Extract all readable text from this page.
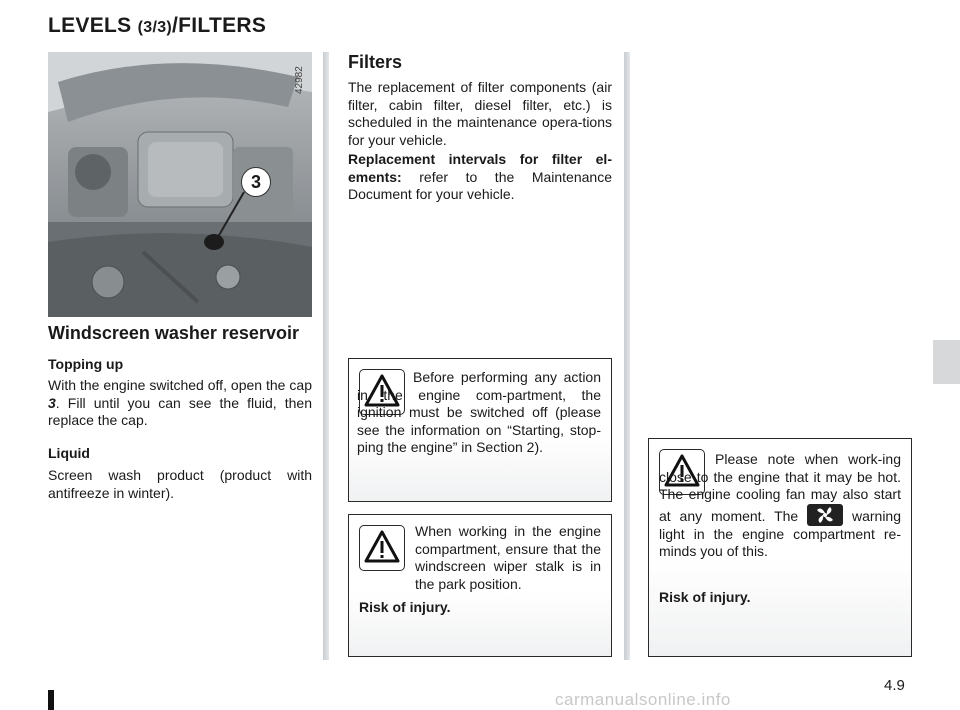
LEVELS (3/3)/FILTERS
42982
3
Windscreen washer reservoir
Topping up

With the engine switched off, open the cap 3. Fill until you can see the fluid, then replace the cap.

Liquid

Screen wash product (product with antifreeze in winter).

Filters

The replacement of filter components (air filter, cabin filter, diesel filter, etc.) is scheduled in the maintenance opera-tions for your vehicle.

Replacement intervals for filter el-ements: refer to the Maintenance Document for your vehicle.

Before performing any action in the engine com-partment, the ignition must be switched off (please see the information on “Starting, stop-ping the engine” in Section 2).

When working in the engine compartment, ensure that the windscreen wiper stalk is in the park position.

Risk of injury.

Please note when work-ing close to the engine that it may be hot. The engine cooling fan may also start at any moment. The	warning light in the engine compartment re-minds you of this.

Risk of injury.

4.9
carmanualsonline.info
